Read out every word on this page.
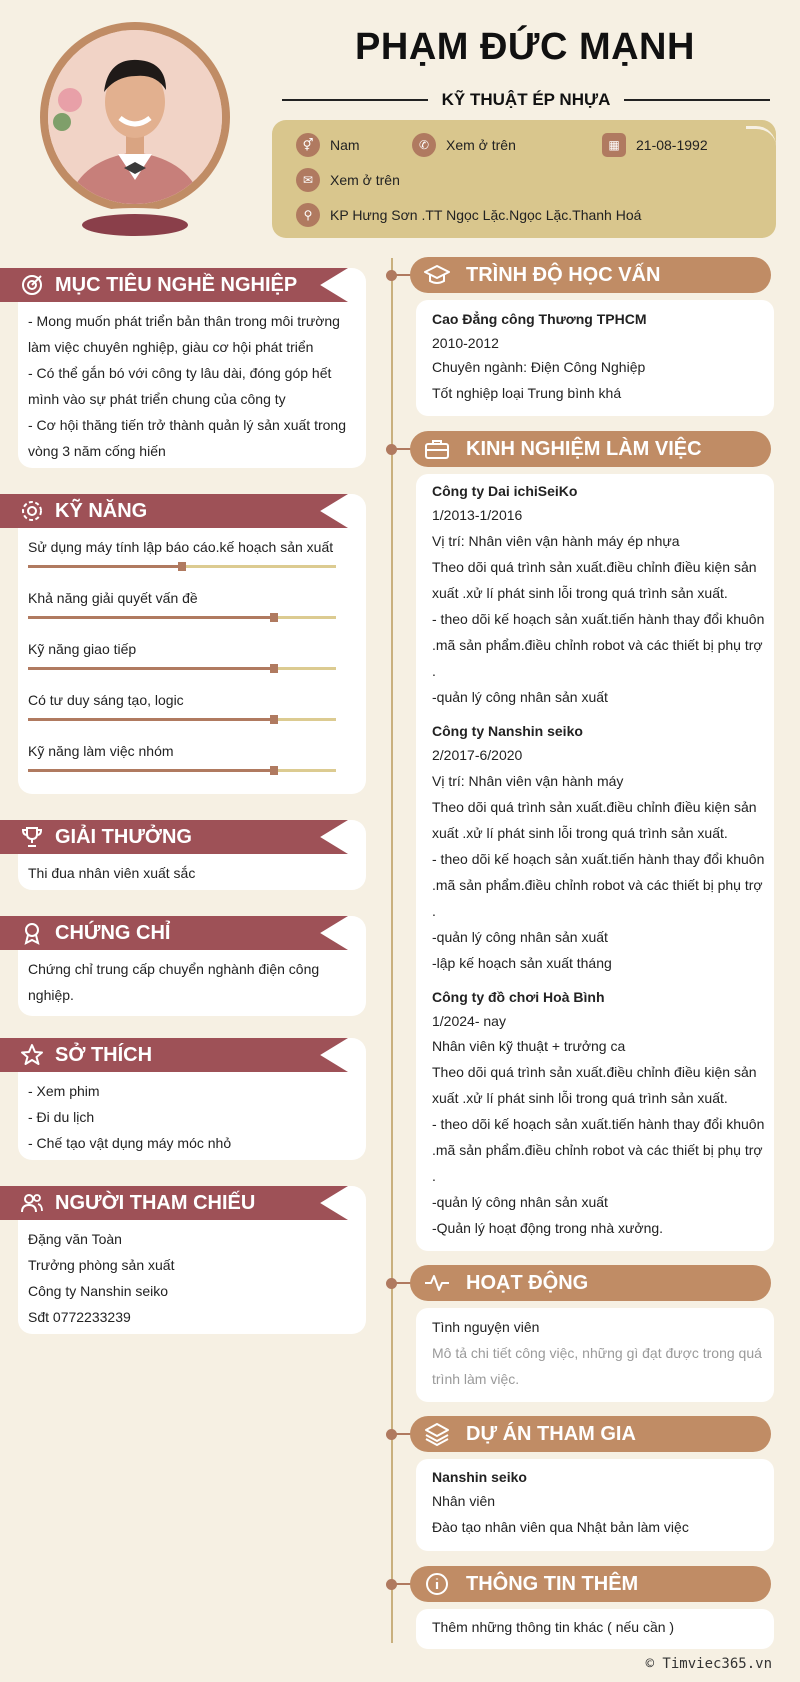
PHẠM ĐỨC MẠNH
KỸ THUẬT ÉP NHỰA
⚥	Nam	✆	Xem ở trên	▦	21-08-1992
✉	Xem ở trên
⚲	KP Hưng Sơn .TT Ngọc Lặc.Ngọc Lặc.Thanh Hoá
MỤC TIÊU NGHỀ NGHIỆP
- Mong muốn phát triển bản thân trong môi trường
làm việc chuyên nghiệp, giàu cơ hội phát triển
- Có thể gắn bó với công ty lâu dài, đóng góp hết
mình vào sự phát triển chung của công ty
- Cơ hội thăng tiến trở thành quản lý sản xuất trong
vòng 3 năm cống hiến
KỸ NĂNG
Sử dụng máy tính lập báo cáo.kế hoạch sản xuất
Khả năng giải quyết vấn đề
Kỹ năng giao tiếp
Có tư duy sáng tạo, logic
Kỹ năng làm việc nhóm
GIẢI THƯỞNG
Thi đua nhân viên xuất sắc
CHỨNG CHỈ
Chứng chỉ trung cấp chuyển nghành điện công
nghiệp.
SỞ THÍCH
- Xem phim
- Đi du lịch
- Chế tạo vật dụng máy móc nhỏ
NGƯỜI THAM CHIẾU
Đặng văn Toàn
Trưởng phòng sản xuất
Công ty Nanshin seiko
Sđt 0772233239
TRÌNH ĐỘ HỌC VẤN
Cao Đẳng công Thương TPHCM
2010-2012
Chuyên ngành: Điện Công Nghiệp
Tốt nghiệp loại Trung bình khá
KINH NGHIỆM LÀM VIỆC
Công ty Dai ichiSeiKo
1/2013-1/2016
Vị trí: Nhân viên vận hành máy ép nhựa
Theo dõi quá trình sản xuất.điều chỉnh điều kiện sản
xuất .xử lí phát sinh lỗi trong quá trình sản xuất.
- theo dõi kế hoạch sản xuất.tiến hành thay đổi khuôn
.mã sản phẩm.điều chỉnh robot và các thiết bị phụ trợ
.
-quản lý công nhân sản xuất
Công ty Nanshin seiko
2/2017-6/2020
Vị trí: Nhân viên vận hành máy
Theo dõi quá trình sản xuất.điều chỉnh điều kiện sản
xuất .xử lí phát sinh lỗi trong quá trình sản xuất.
- theo dõi kế hoạch sản xuất.tiến hành thay đổi khuôn
.mã sản phẩm.điều chỉnh robot và các thiết bị phụ trợ
.
-quản lý công nhân sản xuất
-lập kế hoạch sản xuất tháng
Công ty đồ chơi Hoà Bình
1/2024- nay
Nhân viên kỹ thuật + trưởng ca
Theo dõi quá trình sản xuất.điều chỉnh điều kiện sản
xuất .xử lí phát sinh lỗi trong quá trình sản xuất.
- theo dõi kế hoạch sản xuất.tiến hành thay đổi khuôn
.mã sản phẩm.điều chỉnh robot và các thiết bị phụ trợ
.
-quản lý công nhân sản xuất
-Quản lý hoạt động trong nhà xưởng.
HOẠT ĐỘNG
Tình nguyện viên
Mô tả chi tiết công việc, những gì đạt được trong quá
trình làm việc.
DỰ ÁN THAM GIA
Nanshin seiko
Nhân viên
Đào tạo nhân viên qua Nhật bản làm việc
THÔNG TIN THÊM
Thêm những thông tin khác ( nếu cần )
© Timviec365.vn
